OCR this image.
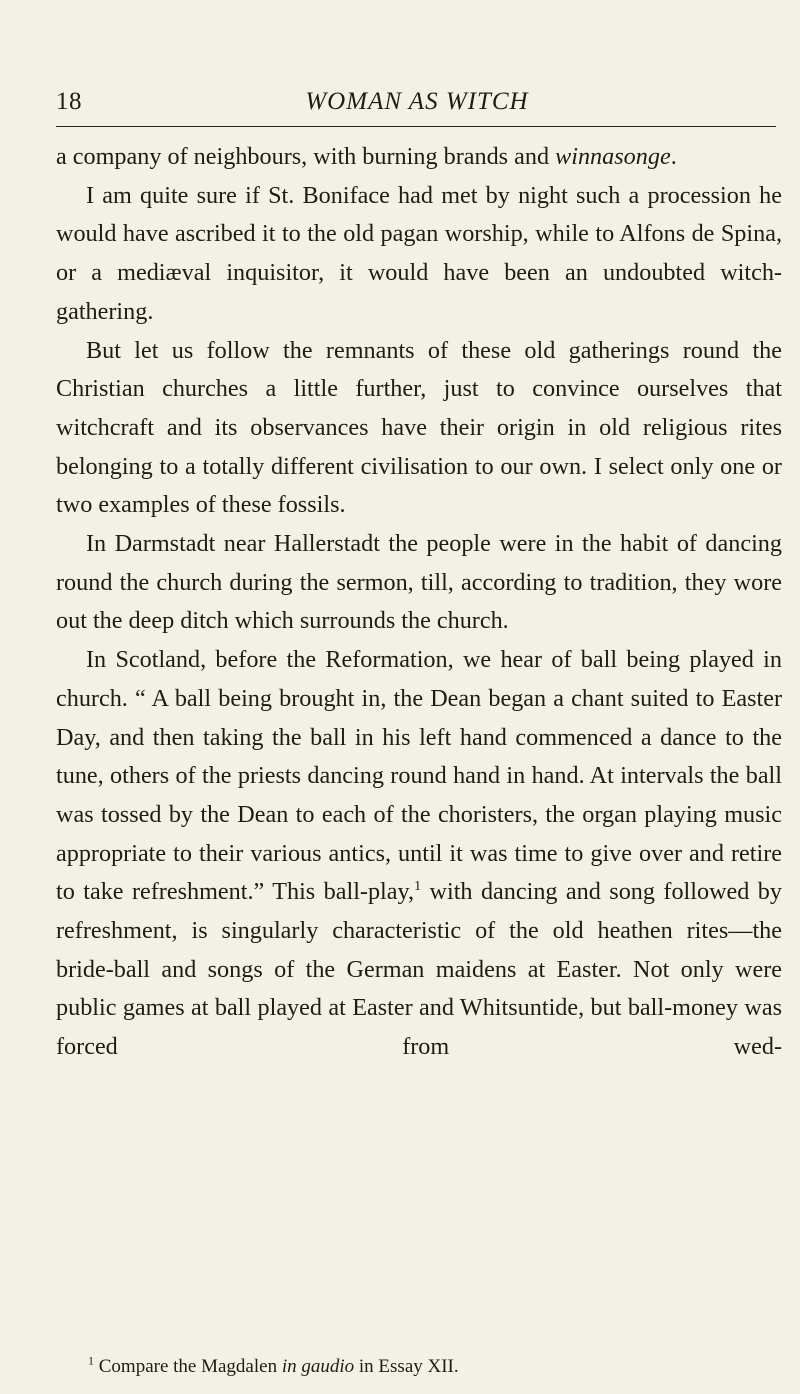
18	WOMAN AS WITCH

a company of neighbours, with burning brands and winnasonge.

I am quite sure if St. Boniface had met by night such a procession he would have ascribed it to the old pagan worship, while to Alfons de Spina, or a mediæval inquisitor, it would have been an undoubted witch-gathering.

But let us follow the remnants of these old gatherings round the Christian churches a little further, just to convince ourselves that witchcraft and its observances have their origin in old religious rites belonging to a totally different civilisation to our own. I select only one or two examples of these fossils.

In Darmstadt near Hallerstadt the people were in the habit of dancing round the church during the sermon, till, according to tradition, they wore out the deep ditch which surrounds the church.

In Scotland, before the Reformation, we hear of ball being played in church. “ A ball being brought in, the Dean began a chant suited to Easter Day, and then taking the ball in his left hand commenced a dance to the tune, others of the priests dancing round hand in hand. At intervals the ball was tossed by the Dean to each of the choristers, the organ playing music appropriate to their various antics, until it was time to give over and retire to take refreshment.” This ball-play,$^1$ with dancing and song followed by refreshment, is singularly characteristic of the old heathen rites—the bride-ball and songs of the German maidens at Easter. Not only were public games at ball played at Easter and Whitsuntide, but ball-money was forced from wed-

$^1$ Compare the Magdalen in gaudio in Essay XII.
